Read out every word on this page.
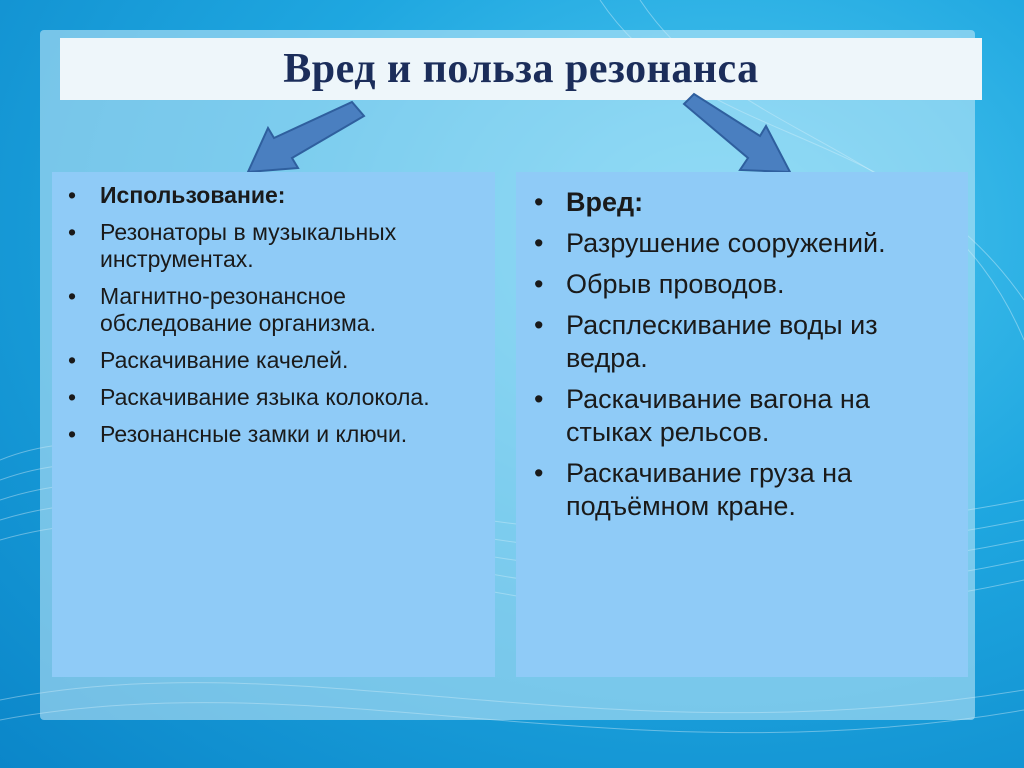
Вред и польза резонанса
• Использование:
• Резонаторы в музыкальных инструментах.
• Магнитно-резонансное обследование организма.
• Раскачивание качелей.
• Раскачивание языка колокола.
• Резонансные замки и ключи.
• Вред:
• Разрушение сооружений.
• Обрыв проводов.
• Расплескивание воды из ведра.
• Раскачивание вагона на стыках рельсов.
• Раскачивание груза на подъёмном кране.
